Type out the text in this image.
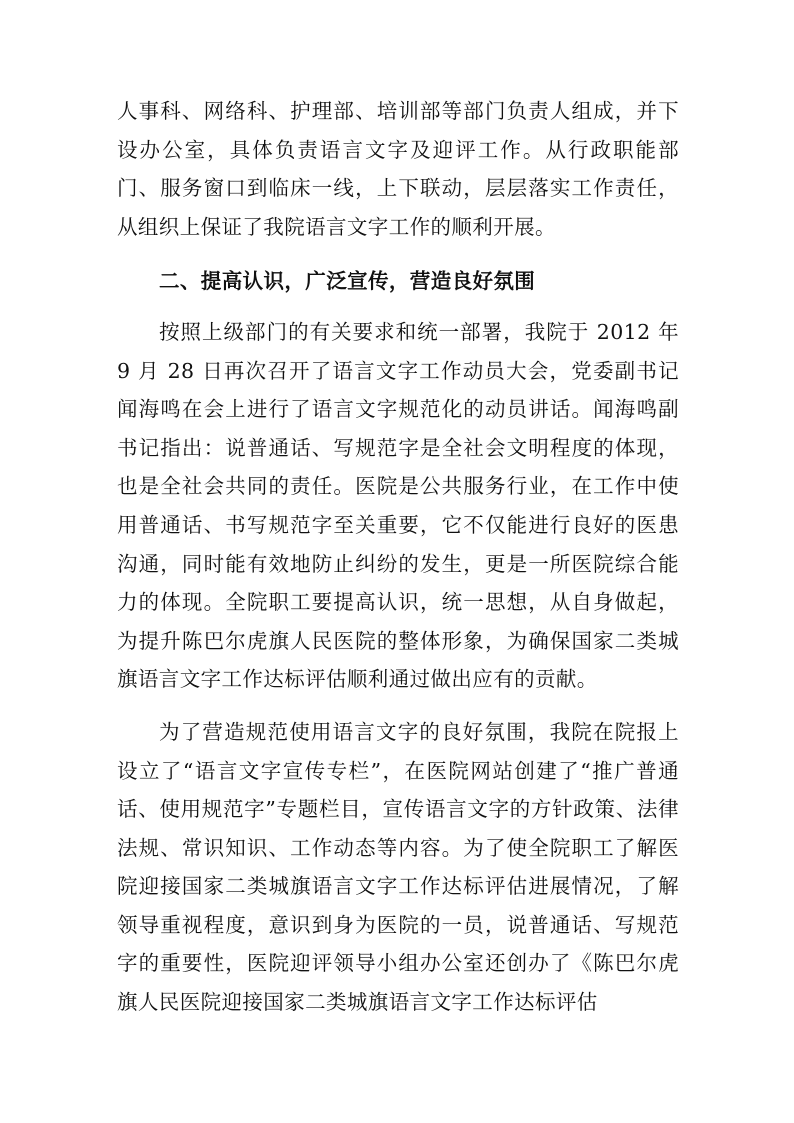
人事科、网络科、护理部、培训部等部门负责人组成，并下设办公室，具体负责语言文字及迎评工作。从行政职能部门、服务窗口到临床一线，上下联动，层层落实工作责任，从组织上保证了我院语言文字工作的顺利开展。

二、提高认识，广泛宣传，营造良好氛围

按照上级部门的有关要求和统一部署，我院于 2012 年 9 月 28 日再次召开了语言文字工作动员大会，党委副书记闻海鸣在会上进行了语言文字规范化的动员讲话。闻海鸣副书记指出：说普通话、写规范字是全社会文明程度的体现，也是全社会共同的责任。医院是公共服务行业，在工作中使用普通话、书写规范字至关重要，它不仅能进行良好的医患沟通，同时能有效地防止纠纷的发生，更是一所医院综合能力的体现。全院职工要提高认识，统一思想，从自身做起，为提升陈巴尔虎旗人民医院的整体形象，为确保国家二类城旗语言文字工作达标评估顺利通过做出应有的贡献。

为了营造规范使用语言文字的良好氛围，我院在院报上设立了“语言文字宣传专栏”，在医院网站创建了“推广普通话、使用规范字”专题栏目，宣传语言文字的方针政策、法律法规、常识知识、工作动态等内容。为了使全院职工了解医院迎接国家二类城旗语言文字工作达标评估进展情况，了解领导重视程度，意识到身为医院的一员，说普通话、写规范字的重要性，医院迎评领导小组办公室还创办了《陈巴尔虎旗人民医院迎接国家二类城旗语言文字工作达标评估
